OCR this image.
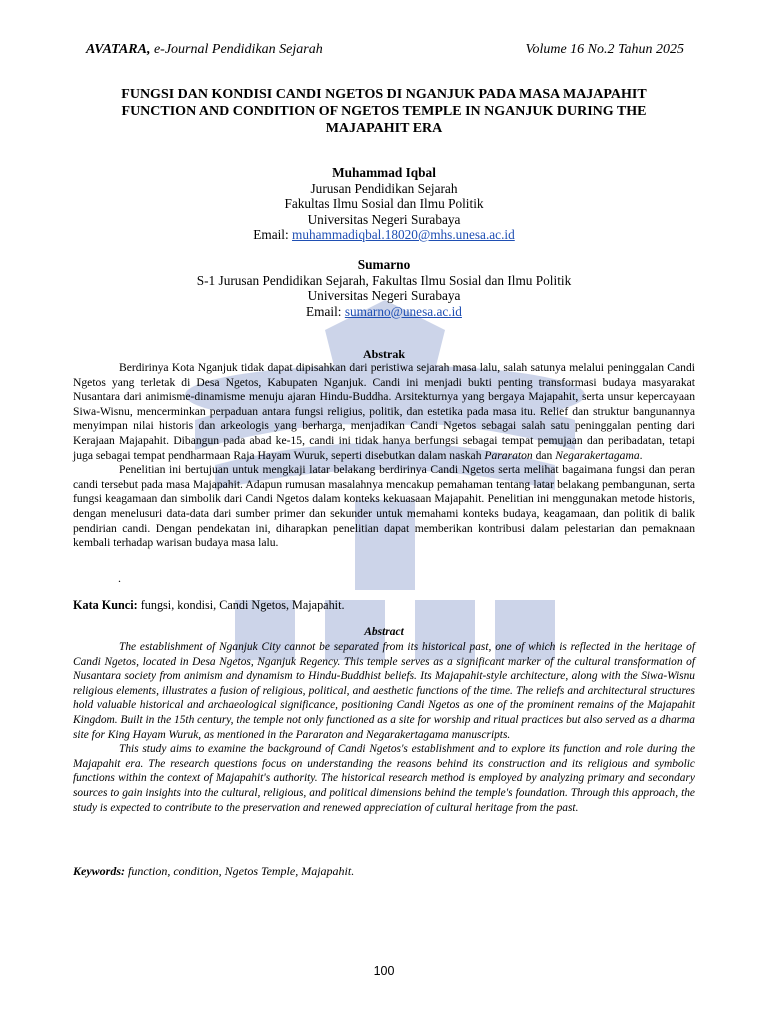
AVATARA, e-Journal Pendidikan Sejarah	Volume 16 No.2 Tahun 2025
FUNGSI DAN KONDISI CANDI NGETOS DI NGANJUK PADA MASA MAJAPAHIT
FUNCTION AND CONDITION OF NGETOS TEMPLE IN NGANJUK DURING THE
MAJAPAHIT ERA
Muhammad Iqbal
Jurusan Pendidikan Sejarah
Fakultas Ilmu Sosial dan Ilmu Politik
Universitas Negeri Surabaya
Email: muhammadiqbal.18020@mhs.unesa.ac.id
Sumarno
S-1 Jurusan Pendidikan Sejarah, Fakultas Ilmu Sosial dan Ilmu Politik
Universitas Negeri Surabaya
Email: sumarno@unesa.ac.id
Abstrak

Berdirinya Kota Nganjuk tidak dapat dipisahkan dari peristiwa sejarah masa lalu, salah satunya melalui peninggalan Candi Ngetos yang terletak di Desa Ngetos, Kabupaten Nganjuk. Candi ini menjadi bukti penting transformasi budaya masyarakat Nusantara dari animisme-dinamisme menuju ajaran Hindu-Buddha. Arsitekturnya yang bergaya Majapahit, serta unsur kepercayaan Siwa-Wisnu, mencerminkan perpaduan antara fungsi religius, politik, dan estetika pada masa itu. Relief dan struktur bangunannya menyimpan nilai historis dan arkeologis yang berharga, menjadikan Candi Ngetos sebagai salah satu peninggalan penting dari Kerajaan Majapahit. Dibangun pada abad ke-15, candi ini tidak hanya berfungsi sebagai tempat pemujaan dan peribadatan, tetapi juga sebagai tempat pendharmaan Raja Hayam Wuruk, seperti disebutkan dalam naskah Pararaton dan Negarakertagama.

Penelitian ini bertujuan untuk mengkaji latar belakang berdirinya Candi Ngetos serta melihat bagaimana fungsi dan peran candi tersebut pada masa Majapahit. Adapun rumusan masalahnya mencakup pemahaman tentang latar belakang pembangunan, serta fungsi keagamaan dan simbolik dari Candi Ngetos dalam konteks kekuasaan Majapahit. Penelitian ini menggunakan metode historis, dengan menelusuri data-data dari sumber primer dan sekunder untuk memahami konteks budaya, keagamaan, dan politik di balik pendirian candi. Dengan pendekatan ini, diharapkan penelitian dapat memberikan kontribusi dalam pelestarian dan pemaknaan kembali terhadap warisan budaya masa lalu.

.
Kata Kunci: fungsi, kondisi, Candi Ngetos, Majapahit.
Abstract

The establishment of Nganjuk City cannot be separated from its historical past, one of which is reflected in the heritage of Candi Ngetos, located in Desa Ngetos, Nganjuk Regency. This temple serves as a significant marker of the cultural transformation of Nusantara society from animism and dynamism to Hindu-Buddhist beliefs. Its Majapahit-style architecture, along with the Siwa-Wisnu religious elements, illustrates a fusion of religious, political, and aesthetic functions of the time. The reliefs and architectural structures hold valuable historical and archaeological significance, positioning Candi Ngetos as one of the prominent remains of the Majapahit Kingdom. Built in the 15th century, the temple not only functioned as a site for worship and ritual practices but also served as a dharma site for King Hayam Wuruk, as mentioned in the Pararaton and Negarakertagama manuscripts.

This study aims to examine the background of Candi Ngetos's establishment and to explore its function and role during the Majapahit era. The research questions focus on understanding the reasons behind its construction and its religious and symbolic functions within the context of Majapahit's authority. The historical research method is employed by analyzing primary and secondary sources to gain insights into the cultural, religious, and political dimensions behind the temple's foundation. Through this approach, the study is expected to contribute to the preservation and renewed appreciation of cultural heritage from the past.

Keywords: function, condition, Ngetos Temple, Majapahit.
100
